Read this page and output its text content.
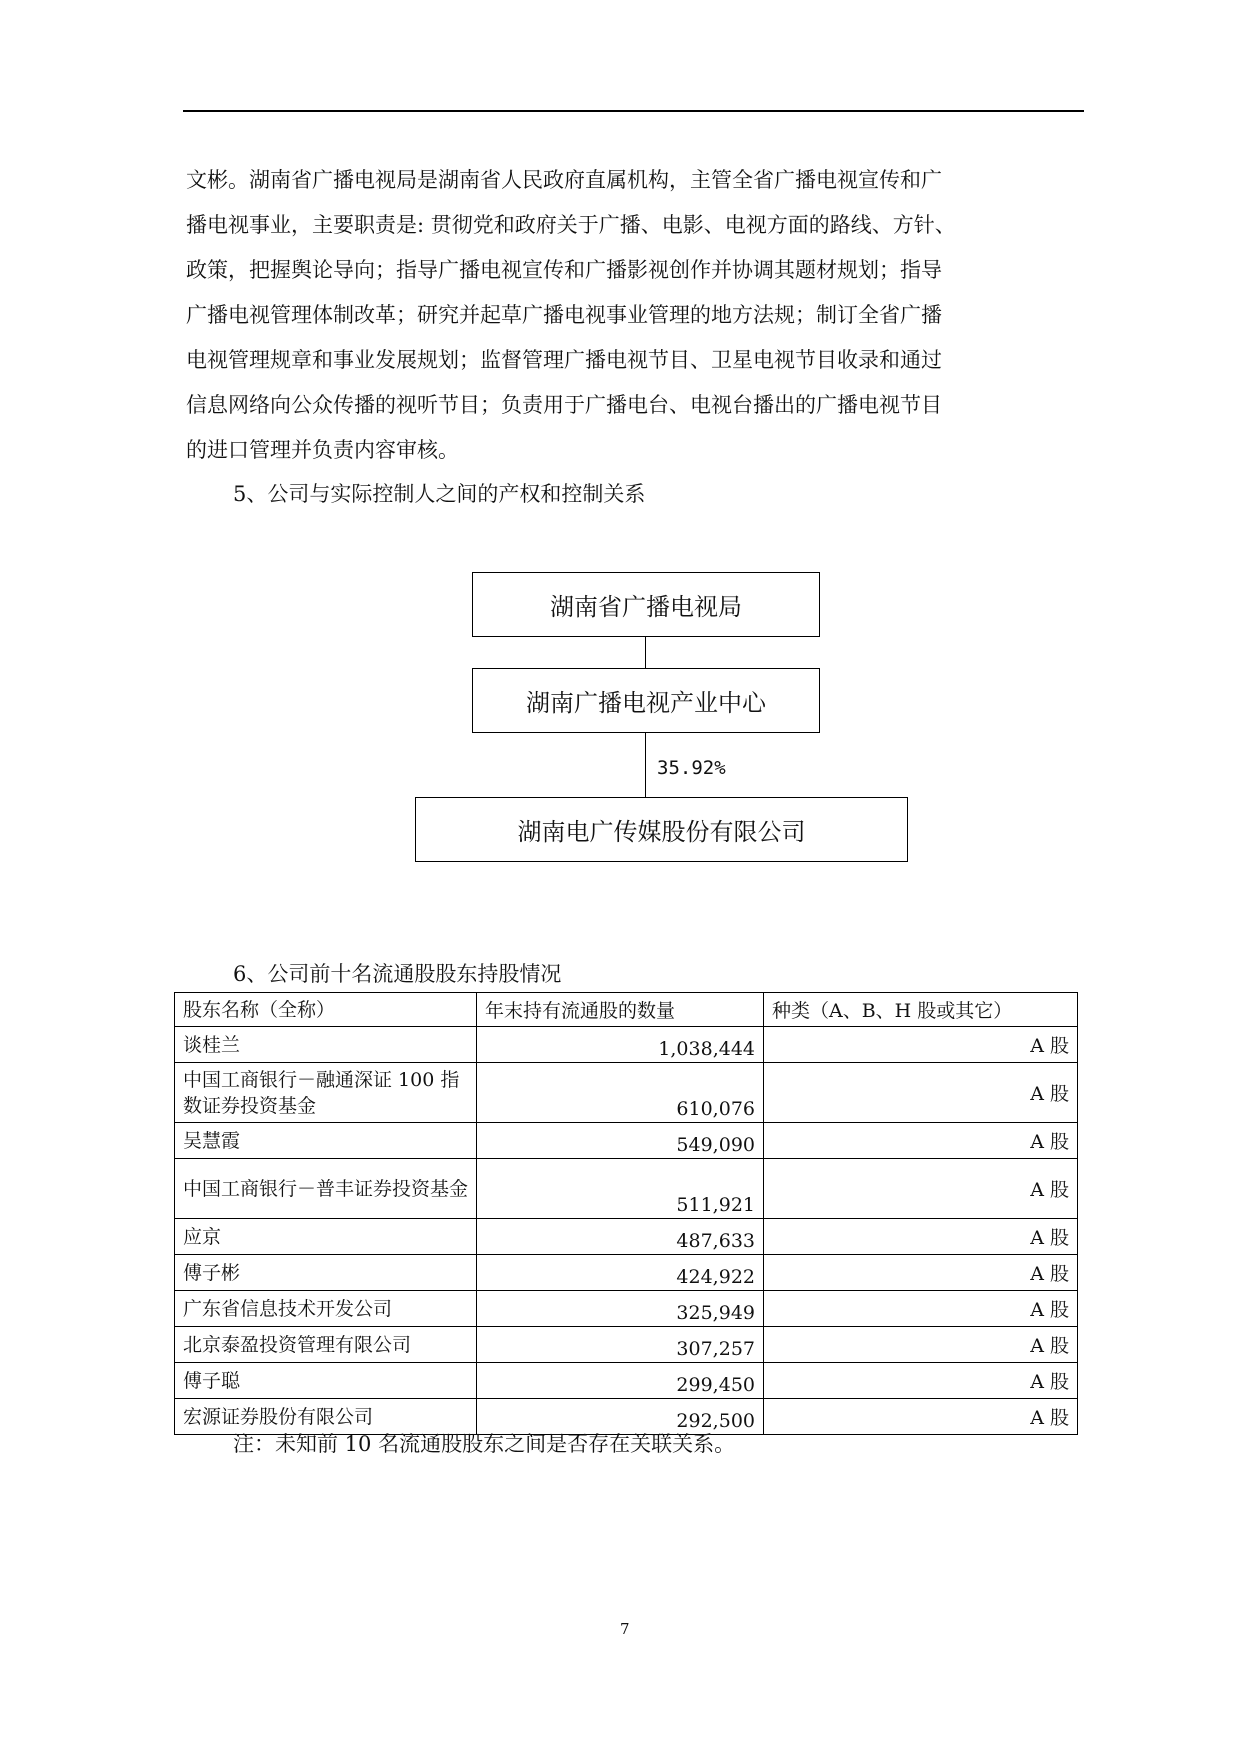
文彬。湖南省广播电视局是湖南省人民政府直属机构，主管全省广播电视宣传和广
播电视事业，主要职责是: 贯彻党和政府关于广播、电影、电视方面的路线、方针、
政策，把握舆论导向；指导广播电视宣传和广播影视创作并协调其题材规划；指导
广播电视管理体制改革；研究并起草广播电视事业管理的地方法规；制订全省广播
电视管理规章和事业发展规划；监督管理广播电视节目、卫星电视节目收录和通过
信息网络向公众传播的视听节目；负责用于广播电台、电视台播出的广播电视节目
的进口管理并负责内容审核。

5、公司与实际控制人之间的产权和控制关系

湖南省广播电视局
湖南广播电视产业中心
35.92%
湖南电广传媒股份有限公司

6、公司前十名流通股股东持股情况

股东名称（全称）	年末持有流通股的数量	种类（A、B、H 股或其它）
谈桂兰	1,038,444	A 股
中国工商银行－融通深证 100 指数证券投资基金	610,076	A 股
吴慧霞	549,090	A 股
中国工商银行－普丰证券投资基金	511,921	A 股
应京	487,633	A 股
傅子彬	424,922	A 股
广东省信息技术开发公司	325,949	A 股
北京泰盈投资管理有限公司	307,257	A 股
傅子聪	299,450	A 股
宏源证券股份有限公司	292,500	A 股
注：未知前 10 名流通股股东之间是否存在关联关系。
7
